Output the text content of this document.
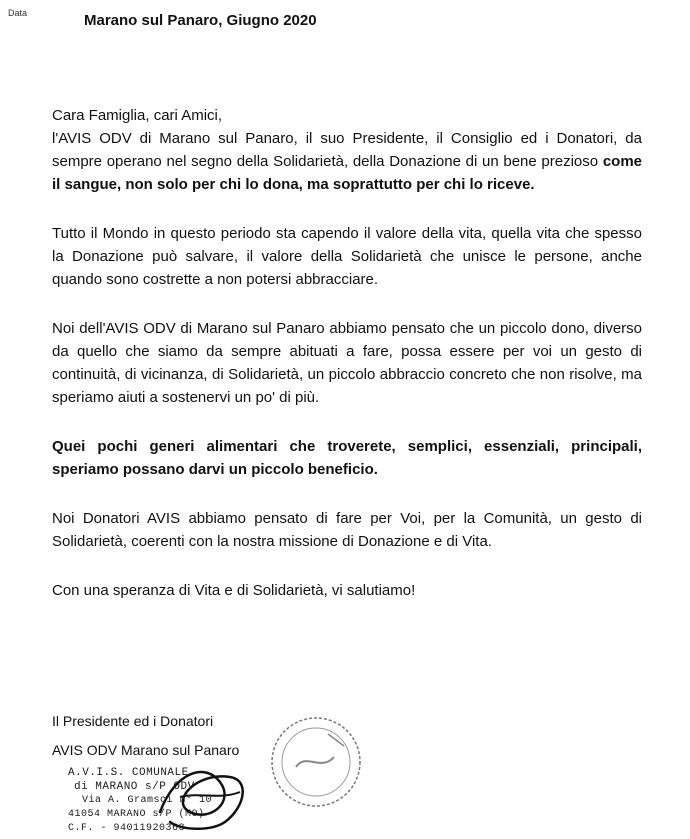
Data	Marano sul Panaro, Giugno 2020

Cara Famiglia, cari Amici,

l'AVIS ODV di Marano sul Panaro, il suo Presidente, il Consiglio ed i Donatori, da sempre operano nel segno della Solidarietà, della Donazione di un bene prezioso come il sangue, non solo per chi lo dona, ma soprattutto per chi lo riceve.

Tutto il Mondo in questo periodo sta capendo il valore della vita, quella vita che spesso la Donazione può salvare, il valore della Solidarietà che unisce le persone, anche quando sono costrette a non potersi abbracciare.

Noi dell'AVIS ODV di Marano sul Panaro abbiamo pensato che un piccolo dono, diverso da quello che siamo da sempre abituati a fare, possa essere per voi un gesto di continuità, di vicinanza, di Solidarietà, un piccolo abbraccio concreto che non risolve, ma speriamo aiuti a sostenervi un po' di più.

Quei pochi generi alimentari che troverete, semplici, essenziali, principali, speriamo possano darvi un piccolo beneficio.

Noi Donatori AVIS abbiamo pensato di fare per Voi, per la Comunità, un gesto di Solidarietà, coerenti con la nostra missione di Donazione e di Vita.

Con una speranza di Vita e di Solidarietà, vi salutiamo!

Il Presidente ed i Donatori

AVIS ODV Marano sul Panaro

A.V.I.S. COMUNALE
di MARANO s/P ODV
Via A. Gramsci n° 10
41054 MARANO s/P (MO)
C.F. - 94011920363
